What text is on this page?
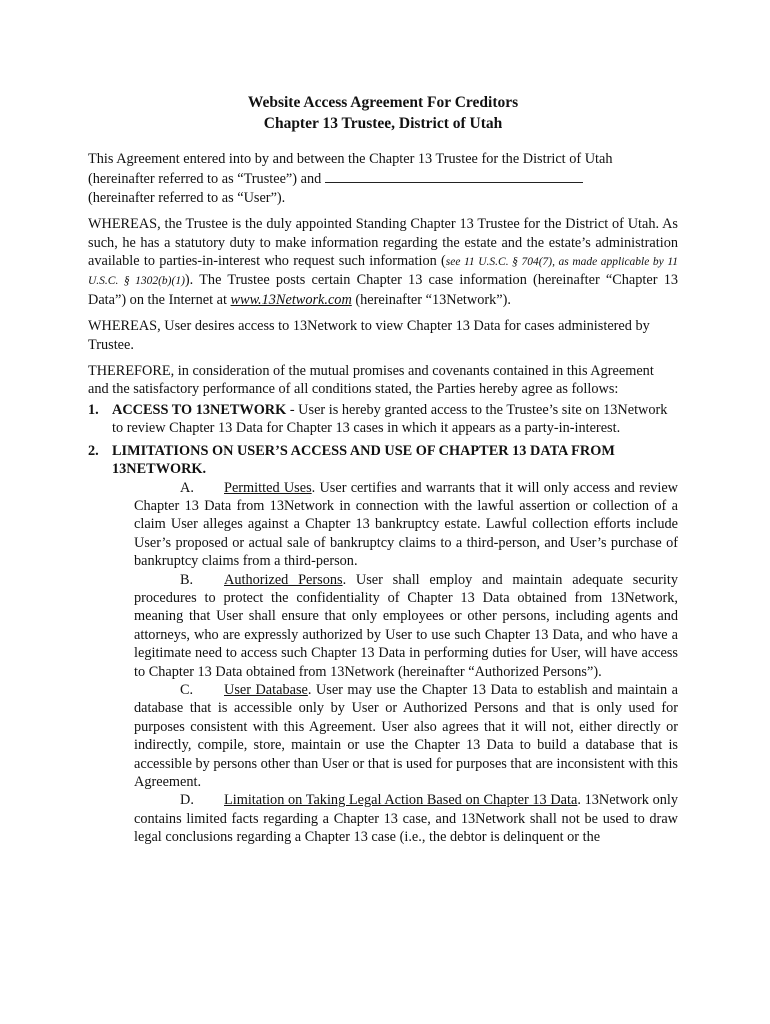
Website Access Agreement For Creditors
Chapter 13 Trustee, District of Utah

This Agreement entered into by and between the Chapter 13 Trustee for the District of Utah (hereinafter referred to as “Trustee”) and
(hereinafter referred to as “User”).

WHEREAS, the Trustee is the duly appointed Standing Chapter 13 Trustee for the District of Utah. As such, he has a statutory duty to make information regarding the estate and the estate’s administration available to parties-in-interest who request such information (see 11 U.S.C. § 704(7), as made applicable by 11 U.S.C. § 1302(b)(1)). The Trustee posts certain Chapter 13 case information (hereinafter “Chapter 13 Data”) on the Internet at www.13Network.com (hereinafter “13Network”).

WHEREAS, User desires access to 13Network to view Chapter 13 Data for cases administered by Trustee.

THEREFORE, in consideration of the mutual promises and covenants contained in this Agreement and the satisfactory performance of all conditions stated, the Parties hereby agree as follows:

1. ACCESS TO 13NETWORK - User is hereby granted access to the Trustee’s site on 13Network to review Chapter 13 Data for Chapter 13 cases in which it appears as a party-in-interest.
2. LIMITATIONS ON USER’S ACCESS AND USE OF CHAPTER 13 DATA FROM 13NETWORK.

A. Permitted Uses. User certifies and warrants that it will only access and review Chapter 13 Data from 13Network in connection with the lawful assertion or collection of a claim User alleges against a Chapter 13 bankruptcy estate. Lawful collection efforts include User’s proposed or actual sale of bankruptcy claims to a third-person, and User’s purchase of bankruptcy claims from a third-person.

B. Authorized Persons. User shall employ and maintain adequate security procedures to protect the confidentiality of Chapter 13 Data obtained from 13Network, meaning that User shall ensure that only employees or other persons, including agents and attorneys, who are expressly authorized by User to use such Chapter 13 Data, and who have a legitimate need to access such Chapter 13 Data in performing duties for User, will have access to Chapter 13 Data obtained from 13Network (hereinafter “Authorized Persons”).

C. User Database. User may use the Chapter 13 Data to establish and maintain a database that is accessible only by User or Authorized Persons and that is only used for purposes consistent with this Agreement. User also agrees that it will not, either directly or indirectly, compile, store, maintain or use the Chapter 13 Data to build a database that is accessible by persons other than User or that is used for purposes that are inconsistent with this Agreement.

D. Limitation on Taking Legal Action Based on Chapter 13 Data. 13Network only contains limited facts regarding a Chapter 13 case, and 13Network shall not be used to draw legal conclusions regarding a Chapter 13 case (i.e., the debtor is delinquent or the
